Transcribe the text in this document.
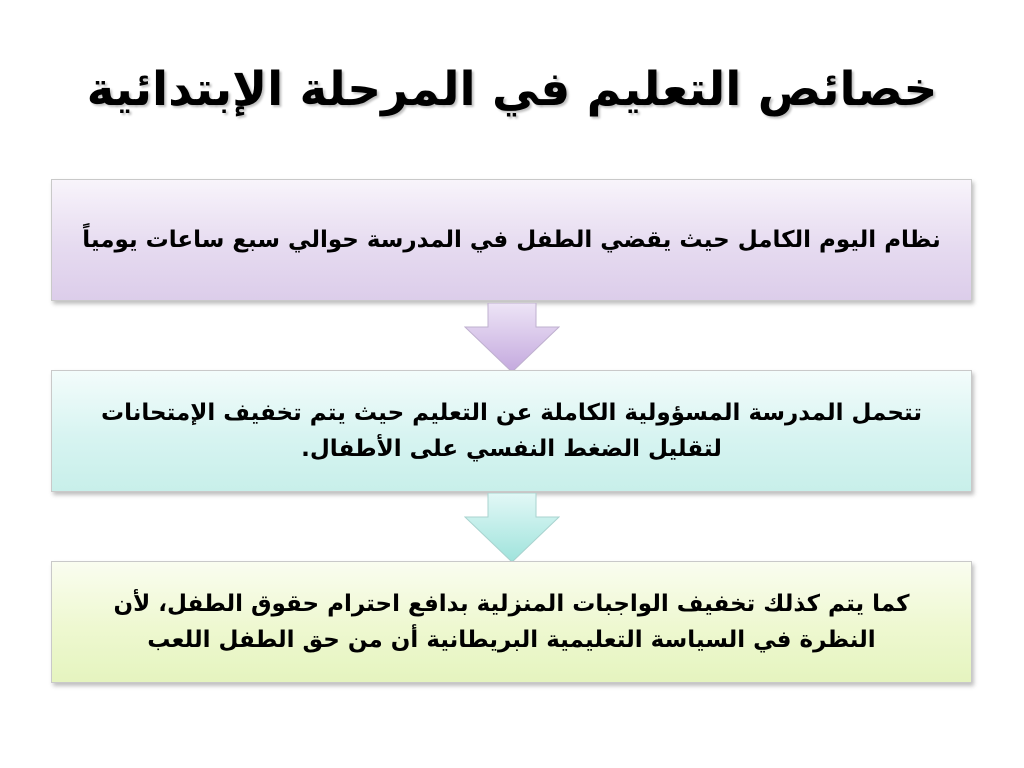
خصائص التعليم في المرحلة الإبتدائية
نظام اليوم الكامل حيث يقضي الطفل في المدرسة حوالي سبع ساعات يومياً
تتحمل المدرسة المسؤولية الكاملة عن التعليم حيث يتم تخفيف الإمتحانات لتقليل الضغط النفسي على الأطفال.
كما يتم كذلك تخفيف الواجبات المنزلية بدافع احترام حقوق الطفل، لأن النظرة في السياسة التعليمية البريطانية أن من حق الطفل اللعب
